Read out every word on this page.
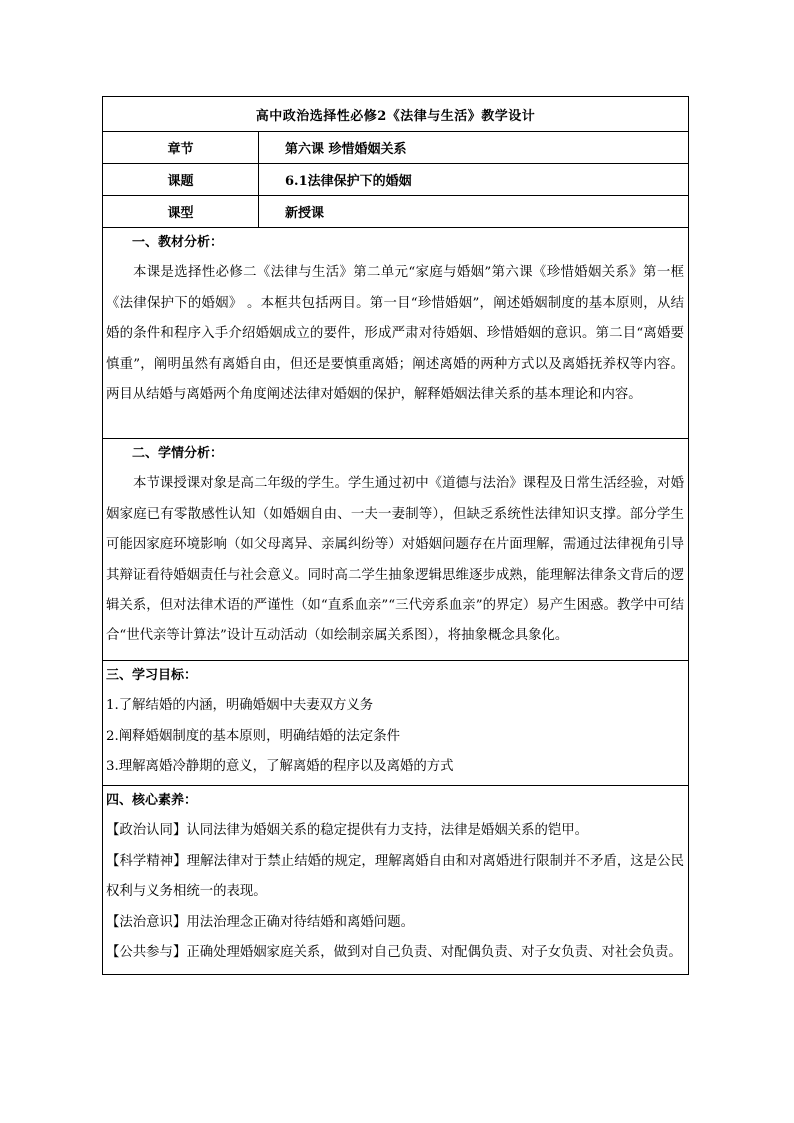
高中政治选择性必修2《法律与生活》教学设计
章节	第六课 珍惜婚姻关系
课题	6.1法律保护下的婚姻
课型	新授课
一、教材分析：

本课是选择性必修二《法律与生活》第二单元“家庭与婚姻”第六课《珍惜婚姻关系》第一框《法律保护下的婚姻》 。本框共包括两目。第一目“珍惜婚姻”，阐述婚姻制度的基本原则，从结婚的条件和程序入手介绍婚姻成立的要件，形成严肃对待婚姻、珍惜婚姻的意识。第二目“离婚要慎重”，阐明虽然有离婚自由，但还是要慎重离婚；阐述离婚的两种方式以及离婚抚养权等内容。两目从结婚与离婚两个角度阐述法律对婚姻的保护，解释婚姻法律关系的基本理论和内容。

二、学情分析：

本节课授课对象是高二年级的学生。学生通过初中《道德与法治》课程及日常生活经验，对婚姻家庭已有零散感性认知（如婚姻自由、一夫一妻制等），但缺乏系统性法律知识支撑。部分学生可能因家庭环境影响（如父母离异、亲属纠纷等）对婚姻问题存在片面理解，需通过法律视角引导其辩证看待婚姻责任与社会意义。同时高二学生抽象逻辑思维逐步成熟，能理解法律条文背后的逻辑关系，但对法律术语的严谨性（如“直系血亲”“三代旁系血亲”的界定）易产生困惑。教学中可结合“世代亲等计算法”设计互动活动（如绘制亲属关系图），将抽象概念具象化。

三、学习目标：
1.了解结婚的内涵，明确婚姻中夫妻双方义务
2.阐释婚姻制度的基本原则，明确结婚的法定条件
3.理解离婚冷静期的意义，了解离婚的程序以及离婚的方式
四、核心素养：
【政治认同】认同法律为婚姻关系的稳定提供有力支持，法律是婚姻关系的铠甲。
【科学精神】理解法律对于禁止结婚的规定，理解离婚自由和对离婚进行限制并不矛盾，这是公民权利与义务相统一的表现。
【法治意识】用法治理念正确对待结婚和离婚问题。
【公共参与】正确处理婚姻家庭关系，做到对自己负责、对配偶负责、对子女负责、对社会负责。
